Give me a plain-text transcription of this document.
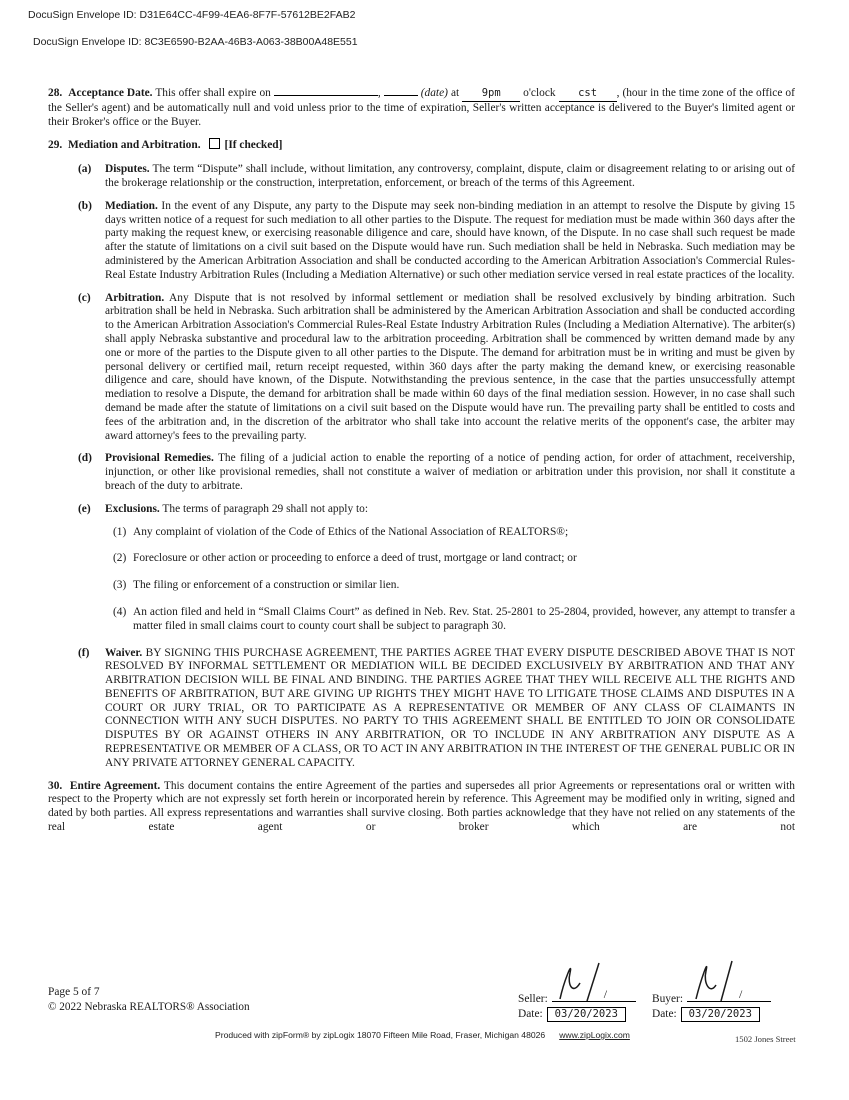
DocuSign Envelope ID: D31E64CC-4F99-4EA6-8F7F-57612BE2FAB2
DocuSign Envelope ID: 8C3E6590-B2AA-46B3-A063-38B00A48E551

28. Acceptance Date. This offer shall expire on	,	(date) at 9pm o'clock cst , (hour in the time zone of the office of the Seller's agent) and be automatically null and void unless prior to the time of expiration, Seller's written acceptance is delivered to the Buyer's limited agent or their Broker's office or the Buyer.

29. Mediation and Arbitration. [If checked]

(a) Disputes. The term “Dispute” shall include, without limitation, any controversy, complaint, dispute, claim or disagreement relating to or arising out of the brokerage relationship or the construction, interpretation, enforcement, or breach of the terms of this Agreement.
(b) Mediation. In the event of any Dispute, any party to the Dispute may seek non-binding mediation in an attempt to resolve the Dispute by giving 15 days written notice of a request for such mediation to all other parties to the Dispute. The request for mediation must be made within 360 days after the party making the request knew, or exercising reasonable diligence and care, should have known, of the Dispute. In no case shall such request be made after the statute of limitations on a civil suit based on the Dispute would have run. Such mediation shall be held in Nebraska. Such mediation may be administered by the American Arbitration Association and shall be conducted according to the American Arbitration Association's Commercial Rules-Real Estate Industry Arbitration Rules (Including a Mediation Alternative) or such other mediation service versed in real estate practices of the locality.
(c) Arbitration. Any Dispute that is not resolved by informal settlement or mediation shall be resolved exclusively by binding arbitration. Such arbitration shall be held in Nebraska. Such arbitration shall be administered by the American Arbitration Association and shall be conducted according to the American Arbitration Association's Commercial Rules-Real Estate Industry Arbitration Rules (Including a Mediation Alternative). The arbiter(s) shall apply Nebraska substantive and procedural law to the arbitration proceeding. Arbitration shall be commenced by written demand made by any one or more of the parties to the Dispute given to all other parties to the Dispute. The demand for arbitration must be in writing and must be given by personal delivery or certified mail, return receipt requested, within 360 days after the party making the demand knew, or exercising reasonable diligence and care, should have known, of the Dispute. Notwithstanding the previous sentence, in the case that the parties unsuccessfully attempt mediation to resolve a Dispute, the demand for arbitration shall be made within 60 days of the final mediation session. However, in no case shall such demand be made after the statute of limitations on a civil suit based on the Dispute would have run. The prevailing party shall be entitled to costs and fees of the arbitration and, in the discretion of the arbitrator who shall take into account the relative merits of the opponent's case, the arbiter may award attorney's fees to the prevailing party.
(d) Provisional Remedies. The filing of a judicial action to enable the reporting of a notice of pending action, for order of attachment, receivership, injunction, or other like provisional remedies, shall not constitute a waiver of mediation or arbitration under this provision, nor shall it constitute a breach of the duty to arbitrate.
(e) Exclusions. The terms of paragraph 29 shall not apply to:
(1) Any complaint of violation of the Code of Ethics of the National Association of REALTORS®;
(2) Foreclosure or other action or proceeding to enforce a deed of trust, mortgage or land contract; or
(3) The filing or enforcement of a construction or similar lien.
(4) An action filed and held in “Small Claims Court” as defined in Neb. Rev. Stat. 25-2801 to 25-2804, provided, however, any attempt to transfer a matter filed in small claims court to county court shall be subject to paragraph 30.
(f) Waiver. BY SIGNING THIS PURCHASE AGREEMENT, THE PARTIES AGREE THAT EVERY DISPUTE DESCRIBED ABOVE THAT IS NOT RESOLVED BY INFORMAL SETTLEMENT OR MEDIATION WILL BE DECIDED EXCLUSIVELY BY ARBITRATION AND THAT ANY ARBITRATION DECISION WILL BE FINAL AND BINDING. THE PARTIES AGREE THAT THEY WILL RECEIVE ALL THE RIGHTS AND BENEFITS OF ARBITRATION, BUT ARE GIVING UP RIGHTS THEY MIGHT HAVE TO LITIGATE THOSE CLAIMS AND DISPUTES IN A COURT OR JURY TRIAL, OR TO PARTICIPATE AS A REPRESENTATIVE OR MEMBER OF ANY CLASS OF CLAIMANTS IN CONNECTION WITH ANY SUCH DISPUTES. NO PARTY TO THIS AGREEMENT SHALL BE ENTITLED TO JOIN OR CONSOLIDATE DISPUTES BY OR AGAINST OTHERS IN ANY ARBITRATION, OR TO INCLUDE IN ANY ARBITRATION ANY DISPUTE AS A REPRESENTATIVE OR MEMBER OF A CLASS, OR TO ACT IN ANY ARBITRATION IN THE INTEREST OF THE GENERAL PUBLIC OR IN ANY PRIVATE ATTORNEY GENERAL CAPACITY.

30. Entire Agreement. This document contains the entire Agreement of the parties and supersedes all prior Agreements or representations oral or written with respect to the Property which are not expressly set forth herein or incorporated herein by reference. This Agreement may be modified only in writing, signed and dated by both parties. All express representations and warranties shall survive closing. Both parties acknowledge that they have not relied on any statements of the real estate agent or broker which are not

Page 5 of 7
© 2022 Nebraska REALTORS® Association
Seller:	/	Buyer:	/
Date: 03/20/2023	Date: 03/20/2023
Produced with zipForm® by zipLogix 18070 Fifteen Mile Road, Fraser, Michigan 48026 www.zipLogix.com	1502 Jones Street
